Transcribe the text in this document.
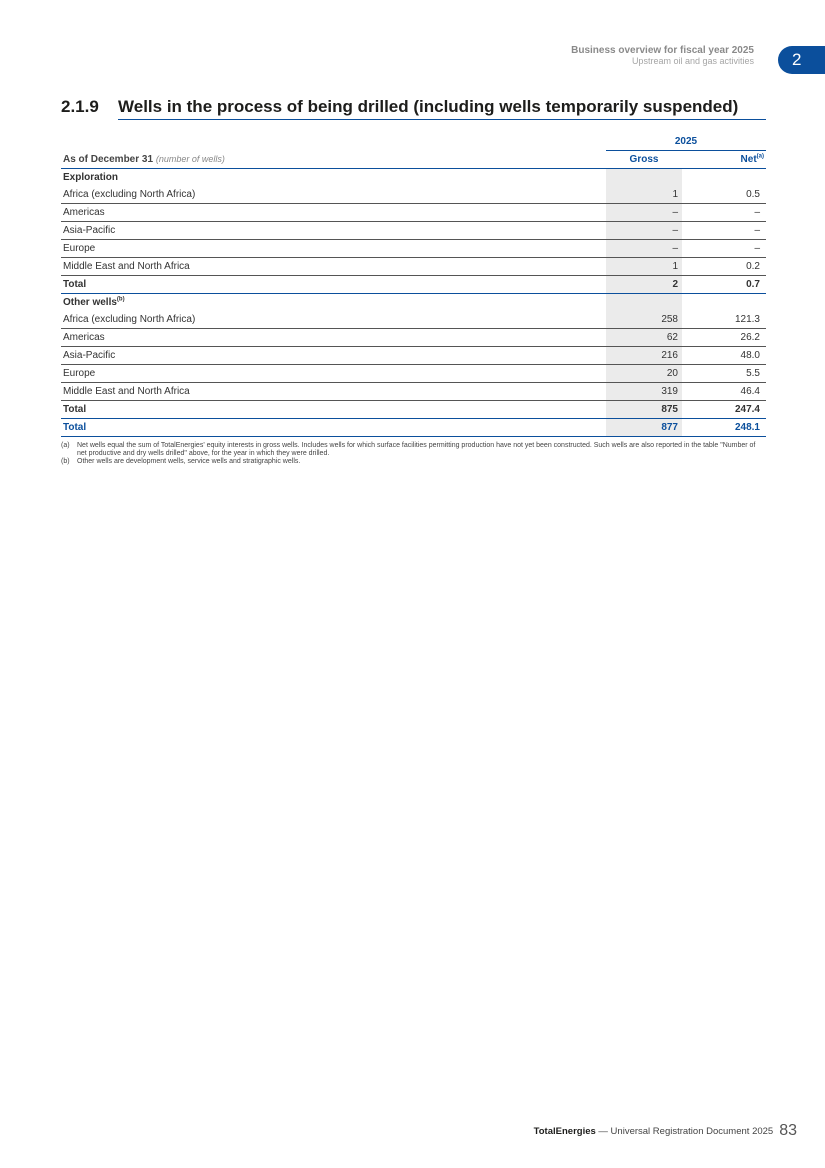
Business overview for fiscal year 2025
Upstream oil and gas activities	2
2.1.9 Wells in the process of being drilled (including wells temporarily suspended)
	2025	
As of December 31 (number of wells)	Gross	Net$^{(a)}$
Exploration		
Africa (excluding North Africa)	1	0.5
Americas	–	–
Asia-Pacific	–	–
Europe	–	–
Middle East and North Africa	1	0.2
Total	2	0.7
Other wells$^{(b)}$		
Africa (excluding North Africa)	258	121.3
Americas	62	26.2
Asia-Pacific	216	48.0
Europe	20	5.5
Middle East and North Africa	319	46.4
Total	875	247.4
Total	877	248.1
(a)	Net wells equal the sum of TotalEnergies' equity interests in gross wells. Includes wells for which surface facilities permitting production have not yet been constructed. Such wells are also reported in the table "Number of net productive and dry wells drilled" above, for the year in which they were drilled.
(b)	Other wells are development wells, service wells and stratigraphic wells.
TotalEnergies — Universal Registration Document 2025 83
